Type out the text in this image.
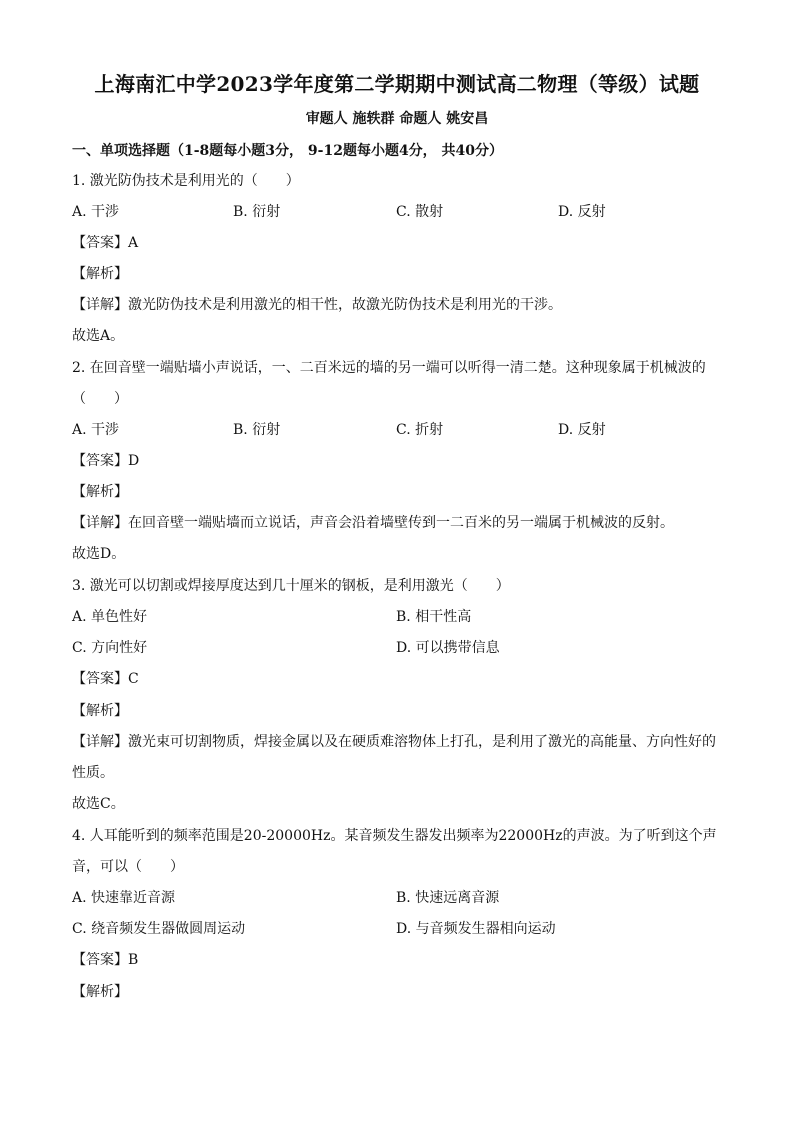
上海南汇中学2023学年度第二学期期中测试高二物理（等级）试题
审题人 施轶群 命题人 姚安昌
一、单项选择题（1-8题每小题3分， 9-12题每小题4分， 共40分）
1. 激光防伪技术是利用光的（　　）
A. 干涉	B. 衍射	C. 散射	D. 反射
【答案】A
【解析】
【详解】激光防伪技术是利用激光的相干性，故激光防伪技术是利用光的干涉。
故选A。
2. 在回音壁一端贴墙小声说话，一、二百米远的墙的另一端可以听得一清二楚。这种现象属于机械波的
（　　）
A. 干涉	B. 衍射	C. 折射	D. 反射
【答案】D
【解析】
【详解】在回音壁一端贴墙而立说话，声音会沿着墙壁传到一二百米的另一端属于机械波的反射。
故选D。
3. 激光可以切割或焊接厚度达到几十厘米的钢板，是利用激光（　　）
A. 单色性好	B. 相干性高
C. 方向性好	D. 可以携带信息
【答案】C
【解析】
【详解】激光束可切割物质，焊接金属以及在硬质难溶物体上打孔，是利用了激光的高能量、方向性好的
性质。
故选C。
4. 人耳能听到的频率范围是20-20000Hz。某音频发生器发出频率为22000Hz的声波。为了听到这个声
音，可以（　　）
A. 快速靠近音源	B. 快速远离音源
C. 绕音频发生器做圆周运动	D. 与音频发生器相向运动
【答案】B
【解析】
